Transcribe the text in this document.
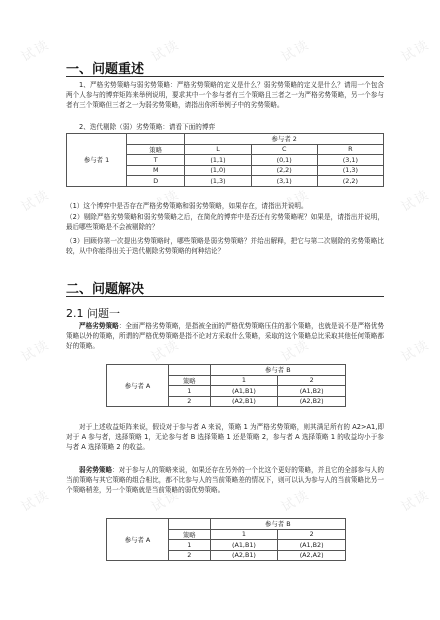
试读	试读	试读	试读
试读	试读	试读	试读
试读	试读	试读	试读
试读	试读	试读	试读
一、问题重述
1、严格劣势策略与弱劣势策略：严格劣势策略的定义是什么？弱劣势策略的定义是什么？请用一个包含两个人参与的博弈矩阵来举例说明，要求其中一个参与者有三个策略且三者之一为严格劣势策略，另一个参与者有三个策略但三者之一为弱劣势策略，请指出你所举例子中的劣势策略。
2、迭代剔除（弱）劣势策略：请看下面的博弈
参与者 1		参与者 2		
	策略	L	C	R
	T	(1,1)	(0,1)	(3,1)
	M	(1,0)	(2,2)	(1,3)
	D	(1,3)	(3,1)	(2,2)
（1）这个博弈中是否存在严格劣势策略和弱劣势策略，如果存在，请指出并说明。
（2）剔除严格劣势策略和弱劣势策略之后，在简化的博弈中是否还有劣势策略呢？如果是，请指出并说明，最后哪些策略是不会被剔除的？
（3）回顾你第一次提出劣势策略时，哪些策略是弱劣势策略？并给出解释，把它与第二次剔除的劣势策略比较，从中你能得出关于迭代剔除劣势策略的何种结论？
二、问题解决
2.1 问题一
严格劣势策略：全面严格劣势策略，是指被全面的严格优势策略压住的那个策略，也就是说不是严格优势策略以外的策略，所谓的严格优势策略是指不论对方采取什么策略，采取的这个策略总比采取其他任何策略都好的策略。
参与者 A		参与者 B	
	策略	1	2
	1	(A1,B1)	(A1,B2)
	2	(A2,B1)	(A2,B2)
对于上述收益矩阵来说，假设对于参与者 A 来说，策略 1 为严格劣势策略，则其满足所有的 A2>A1,即对于 A 参与者，选择策略 1，无论参与者 B 选择策略 1 还是策略 2，参与者 A 选择策略 1 的收益均小于参与者 A 选择策略 2 的收益。
弱劣势策略：对于参与人的策略来说，如果还存在另外的一个比这个更好的策略，并且它的全部参与人的当前策略与其它策略的组合相比，都不比参与人的当前策略差的情况下，则可以认为参与人的当前策略比另一个策略稍差，另一个策略就是当前策略的弱优势策略。
参与者 A		参与者 B	
	策略	1	2
	1	(A1,B1)	(A1,B2)
	2	(A2,B1)	(A2,A2)
